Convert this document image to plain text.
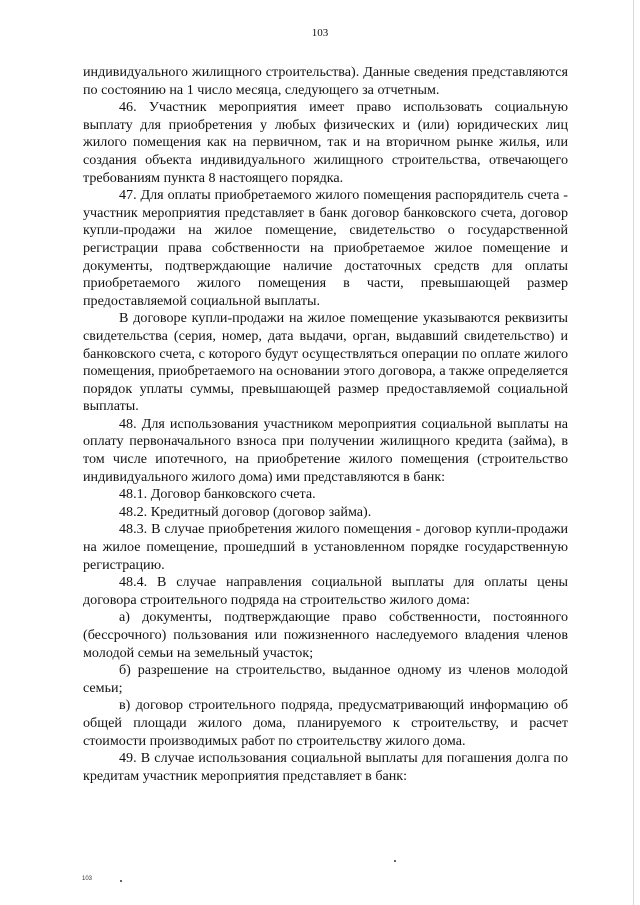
103

индивидуального жилищного строительства). Данные сведения представляются по состоянию на 1 число месяца, следующего за отчетным.

46. Участник мероприятия имеет право использовать социальную выплату для приобретения у любых физических и (или) юридических лиц жилого помещения как на первичном, так и на вторичном рынке жилья, или создания объекта индивидуального жилищного строительства, отвечающего требованиям пункта 8 настоящего порядка.

47. Для оплаты приобретаемого жилого помещения распорядитель счета - участник мероприятия представляет в банк договор банковского счета, договор купли-продажи на жилое помещение, свидетельство о государственной регистрации права собственности на приобретаемое жилое помещение и документы, подтверждающие наличие достаточных средств для оплаты приобретаемого жилого помещения в части, превышающей размер предоставляемой социальной выплаты.

В договоре купли-продажи на жилое помещение указываются реквизиты свидетельства (серия, номер, дата выдачи, орган, выдавший свидетельство) и банковского счета, с которого будут осуществляться операции по оплате жилого помещения, приобретаемого на основании этого договора, а также определяется порядок уплаты суммы, превышающей размер предоставляемой социальной выплаты.

48. Для использования участником мероприятия социальной выплаты на оплату первоначального взноса при получении жилищного кредита (займа), в том числе ипотечного, на приобретение жилого помещения (строительство индивидуального жилого дома) ими представляются в банк:

48.1. Договор банковского счета.

48.2. Кредитный договор (договор займа).

48.3. В случае приобретения жилого помещения - договор купли-продажи на жилое помещение, прошедший в установленном порядке государственную регистрацию.

48.4. В случае направления социальной выплаты для оплаты цены договора строительного подряда на строительство жилого дома:

а) документы, подтверждающие право собственности, постоянного (бессрочного) пользования или пожизненного наследуемого владения членов молодой семьи на земельный участок;

б) разрешение на строительство, выданное одному из членов молодой семьи;

в) договор строительного подряда, предусматривающий информацию об общей площади жилого дома, планируемого к строительству, и расчет стоимости производимых работ по строительству жилого дома.

49. В случае использования социальной выплаты для погашения долга по кредитам участник мероприятия представляет в банк:

103
